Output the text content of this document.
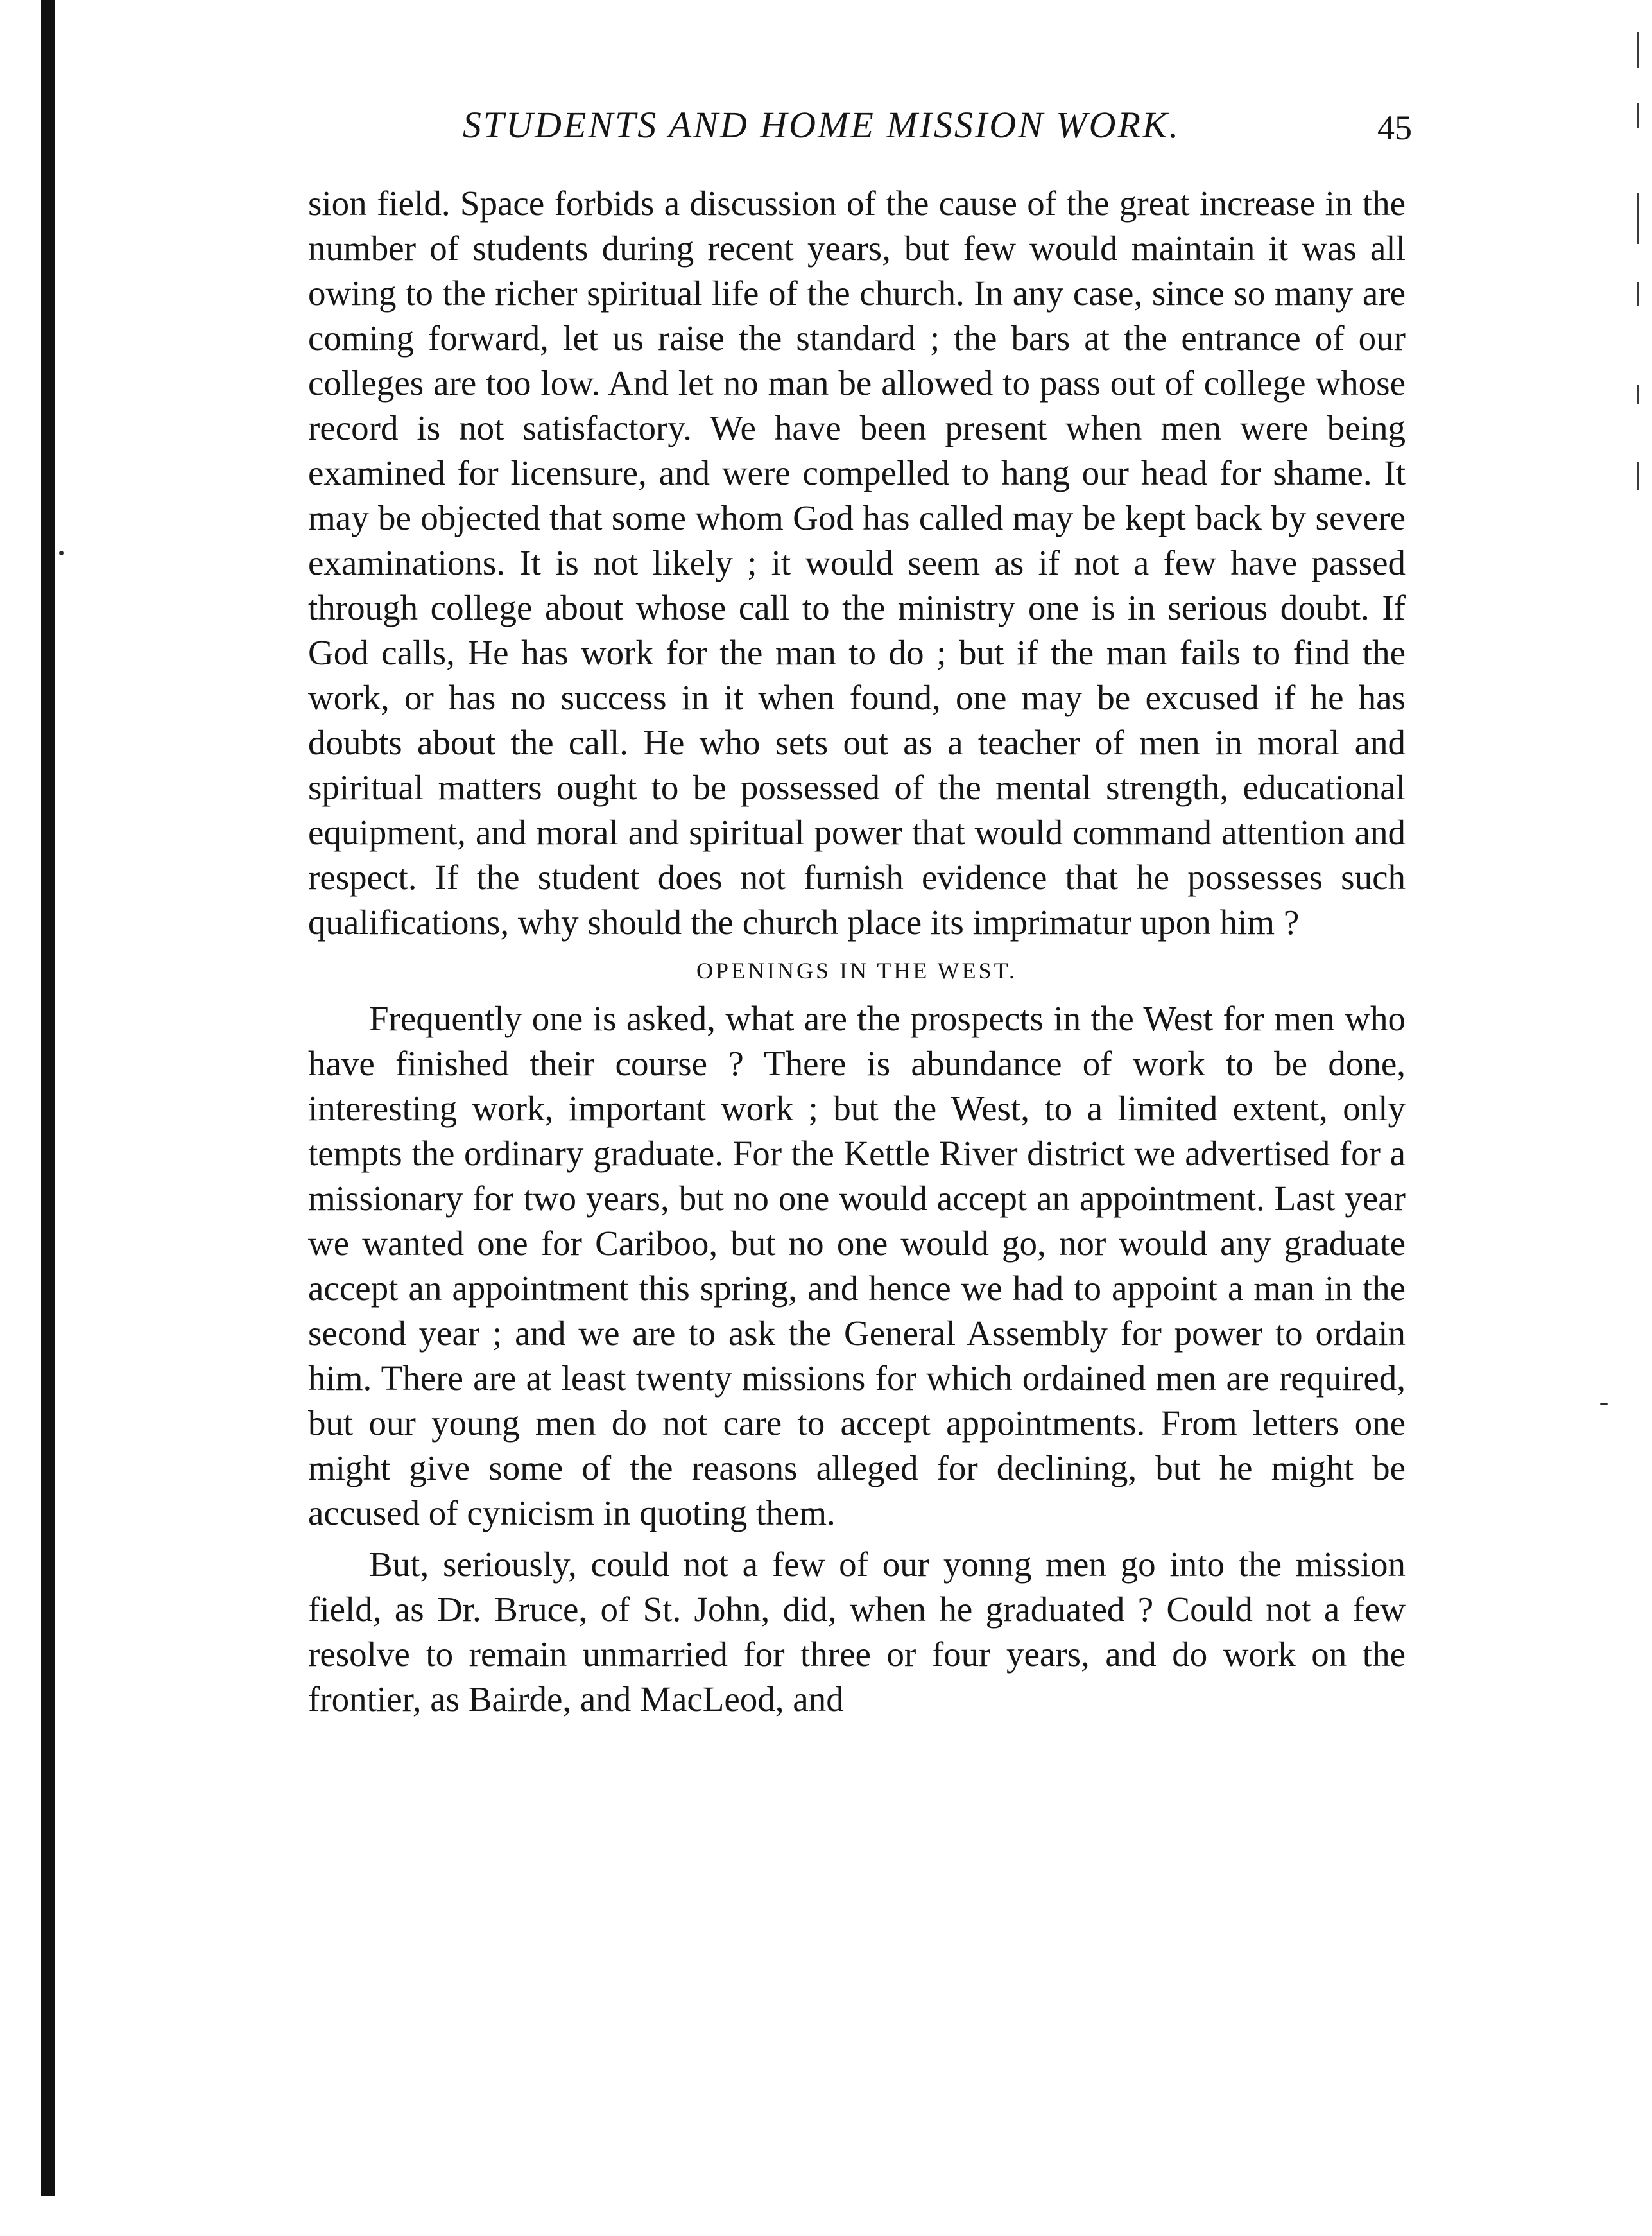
STUDENTS AND HOME MISSION WORK.	45

sion field. Space forbids a discussion of the cause of the great increase in the number of students during recent years, but few would maintain it was all owing to the richer spiritual life of the church. In any case, since so many are coming forward, let us raise the standard ; the bars at the entrance of our colleges are too low. And let no man be allowed to pass out of college whose record is not satisfactory. We have been present when men were being examined for licensure, and were compelled to hang our head for shame. It may be objected that some whom God has called may be kept back by severe examinations. It is not likely ; it would seem as if not a few have passed through college about whose call to the ministry one is in serious doubt. If God calls, He has work for the man to do ; but if the man fails to find the work, or has no success in it when found, one may be excused if he has doubts about the call. He who sets out as a teacher of men in moral and spiritual matters ought to be possessed of the mental strength, educational equipment, and moral and spiritual power that would command attention and respect. If the student does not furnish evidence that he possesses such qualifications, why should the church place its imprimatur upon him ?

OPENINGS IN THE WEST.

Frequently one is asked, what are the prospects in the West for men who have finished their course ? There is abundance of work to be done, interesting work, important work ; but the West, to a limited extent, only tempts the ordinary graduate. For the Kettle River district we advertised for a missionary for two years, but no one would accept an appointment. Last year we wanted one for Cariboo, but no one would go, nor would any graduate accept an appointment this spring, and hence we had to appoint a man in the second year ; and we are to ask the General Assembly for power to ordain him. There are at least twenty missions for which ordained men are required, but our young men do not care to accept appointments. From letters one might give some of the reasons alleged for declining, but he might be accused of cynicism in quoting them.

But, seriously, could not a few of our yonng men go into the mission field, as Dr. Bruce, of St. John, did, when he graduated ? Could not a few resolve to remain unmarried for three or four years, and do work on the frontier, as Bairde, and MacLeod, and
